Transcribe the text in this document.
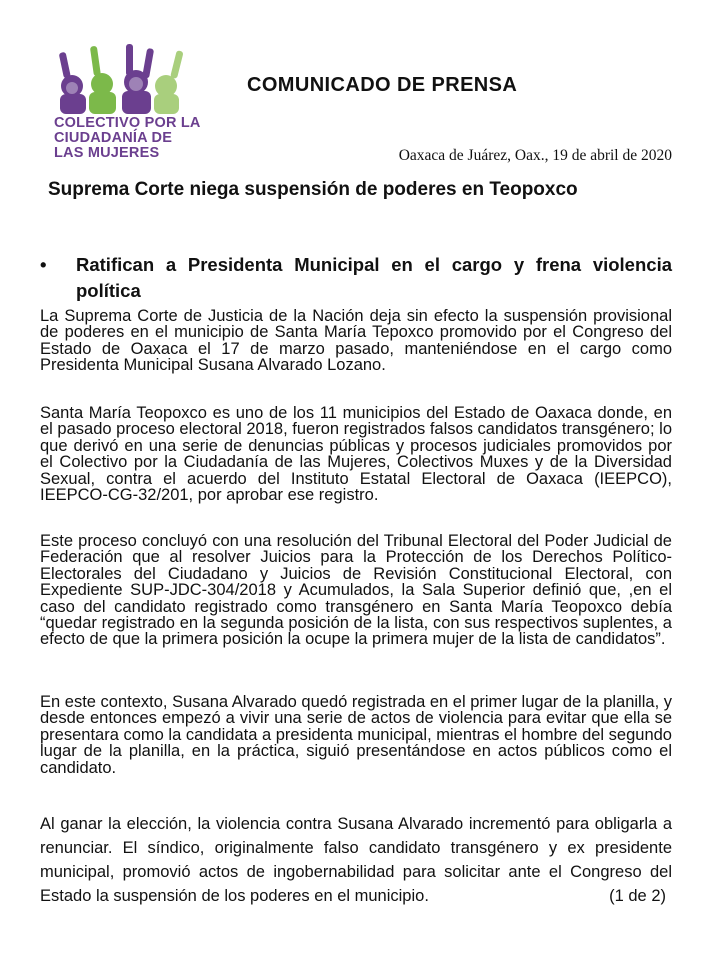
COLECTIVO POR LA
CIUDADANÍA DE
LAS MUJERES
COMUNICADO DE PRENSA
Oaxaca de Juárez, Oax., 19 de abril de 2020
Suprema Corte niega suspensión de poderes en Teopoxco
• Ratifican a Presidenta Municipal en el cargo y frena violencia política
La Suprema Corte de Justicia de la Nación deja sin efecto la suspensión provisional de poderes en el municipio de Santa María Tepoxco promovido por el Congreso del Estado de Oaxaca el 17 de marzo pasado, manteniéndose en el cargo como Presidenta Municipal Susana Alvarado Lozano.
Santa María Teopoxco es uno de los 11 municipios del Estado de Oaxaca donde, en el pasado proceso electoral 2018, fueron registrados falsos candidatos transgénero; lo que derivó en una serie de denuncias públicas y procesos judiciales promovidos por el Colectivo por la Ciudadanía de las Mujeres, Colectivos Muxes y de la Diversidad Sexual, contra el acuerdo del Instituto Estatal Electoral de Oaxaca (IEEPCO), IEEPCO-CG-32/201, por aprobar ese registro.
Este proceso concluyó con una resolución del Tribunal Electoral del Poder Judicial de Federación que al resolver Juicios para la Protección de los Derechos Político-Electorales del Ciudadano y Juicios de Revisión Constitucional Electoral, con Expediente SUP-JDC-304/2018 y Acumulados, la Sala Superior definió que, ,en el caso del candidato registrado como transgénero en Santa María Teopoxco debía “quedar registrado en la segunda posición de la lista, con sus respectivos suplentes, a efecto de que la primera posición la ocupe la primera mujer de la lista de candidatos”.
En este contexto, Susana Alvarado quedó registrada en el primer lugar de la planilla, y desde entonces empezó a vivir una serie de actos de violencia para evitar que ella se presentara como la candidata a presidenta municipal, mientras el hombre del segundo lugar de la planilla, en la práctica, siguió presentándose en actos públicos como el candidato.
Al ganar la elección, la violencia contra Susana Alvarado incrementó para obligarla a renunciar. El síndico, originalmente falso candidato transgénero y ex presidente municipal, promovió actos de ingobernabilidad para solicitar ante el Congreso del Estado la suspensión de los poderes en el municipio.	(1 de 2)
